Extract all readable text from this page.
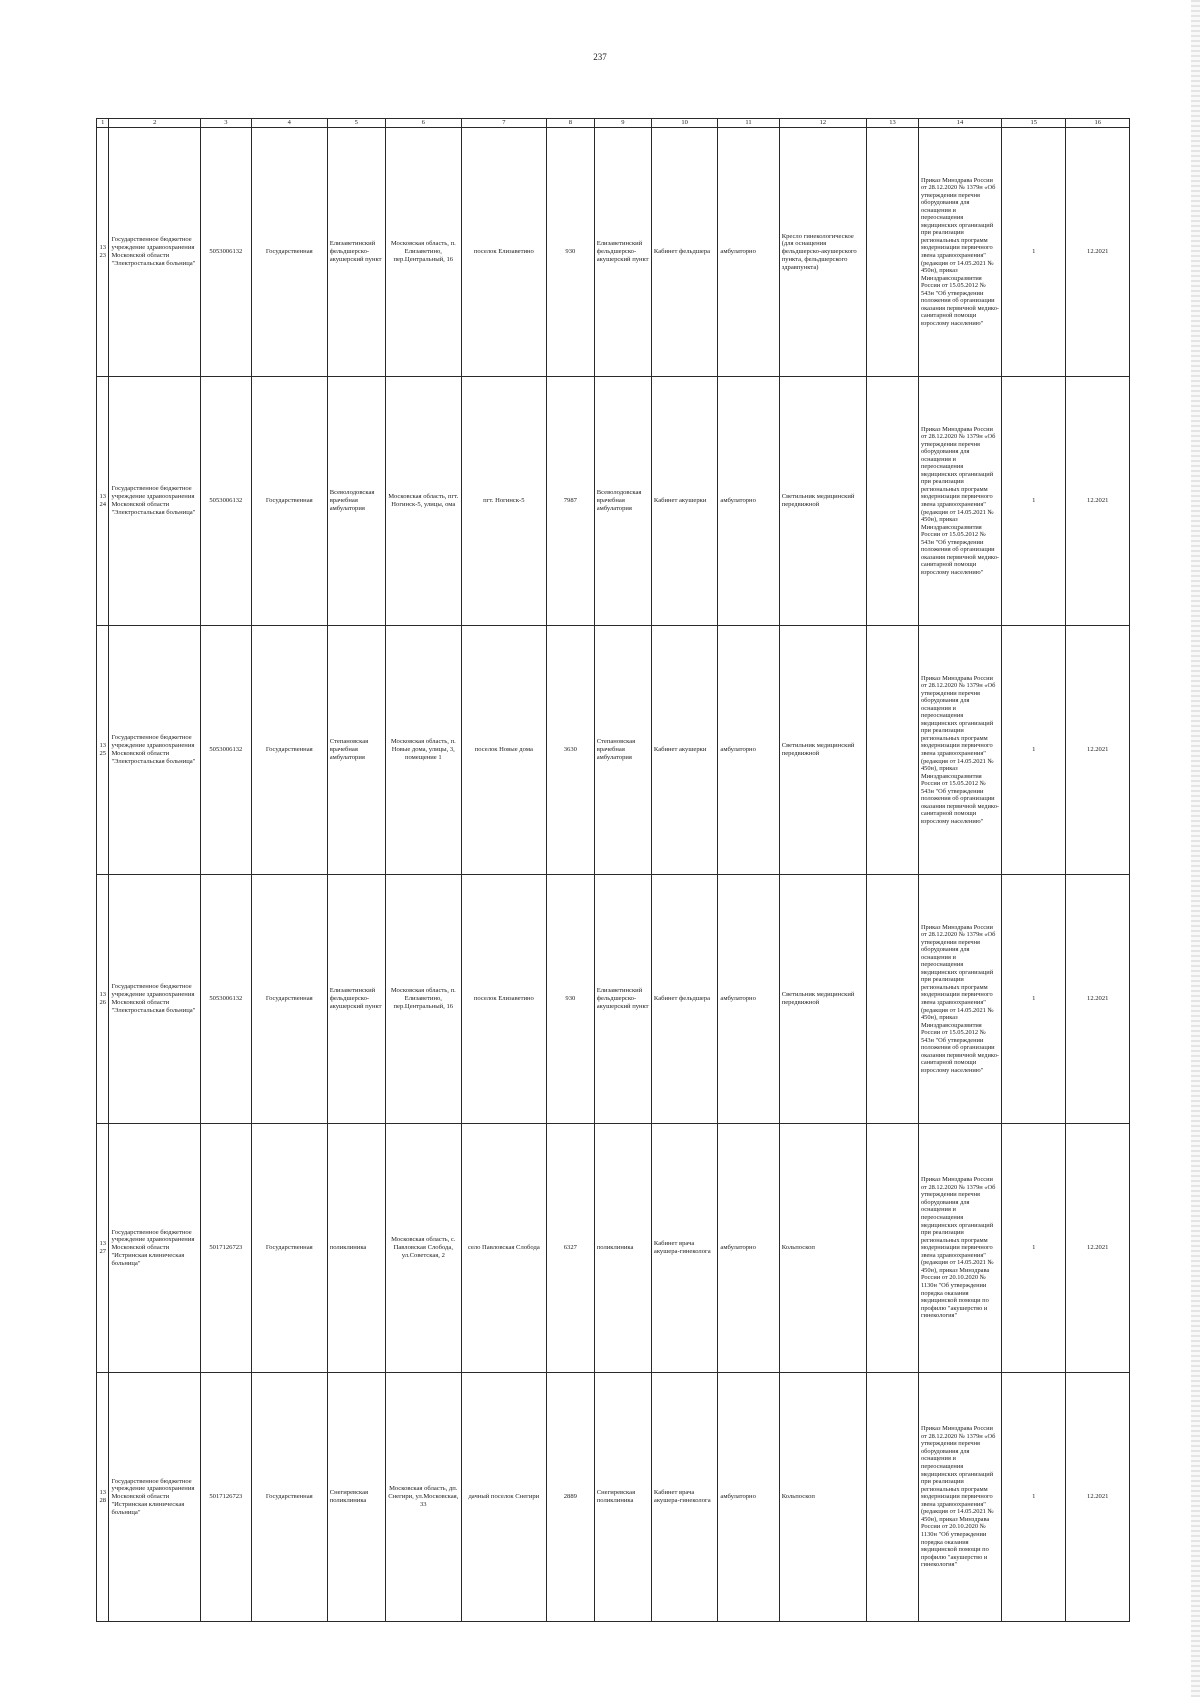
237
1	2	3	4	5	6	7	8	9	10	11	12	13	14	15	16
1323	Государственное бюджетное учреждение здравоохранения Московской области "Электростальская больница"	5053006132	Государственная	Елизаветинский фельдшерско-акушерский пункт	Московская область, п. Елизаветино, пер.Центральный, 16	поселок Елизаветино	930	Елизаветинский фельдшерско-акушерский пункт	Кабинет фельдшера	амбулаторно	Кресло гинекологическое (для оснащения фельдшерско-акушерского пункта, фельдшерского здравпункта)		Приказ Минздрава России от 28.12.2020 № 1379н «Об утверждении перечня оборудования для оснащения и переоснащения медицинских организаций при реализации региональных программ модернизации первичного звена здравоохранения"(редакция от 14.05.2021 № 450н), приказ Минздравсоцразвития России от 15.05.2012 № 543н "Об утверждении положения об организации оказания первичной медико-санитарной помощи взрослому населению"	1	12.2021
1324	Государственное бюджетное учреждение здравоохранения Московской области "Электростальская больница"	5053006132	Государственная	Всеволодовская врачебная амбулатория	Московская область, пгт. Ногинск-5, улицы, ома	пгт. Ногинск-5	7987	Всеволодовская врачебная амбулатория	Кабинет акушерки	амбулаторно	Светильник медицинский передвижной		Приказ Минздрава России от 28.12.2020 № 1379н «Об утверждении перечня оборудования для оснащения и переоснащения медицинских организаций при реализации региональных программ модернизации первичного звена здравоохранения"(редакция от 14.05.2021 № 450н), приказ Минздравсоцразвития России от 15.05.2012 № 543н "Об утверждении положения об организации оказания первичной медико-санитарной помощи взрослому населению"	1	12.2021
1325	Государственное бюджетное учреждение здравоохранения Московской области "Электростальская больница"	5053006132	Государственная	Степановская врачебная амбулатория	Московская область, п. Новые дома, улицы, 3, помещение 1	поселок Новые дома	3630	Степановская врачебная амбулатория	Кабинет акушерки	амбулаторно	Светильник медицинский передвижной		Приказ Минздрава России от 28.12.2020 № 1379н «Об утверждении перечня оборудования для оснащения и переоснащения медицинских организаций при реализации региональных программ модернизации первичного звена здравоохранения"(редакция от 14.05.2021 № 450н), приказ Минздравсоцразвития России от 15.05.2012 № 543н "Об утверждении положения об организации оказания первичной медико-санитарной помощи взрослому населению"	1	12.2021
1326	Государственное бюджетное учреждение здравоохранения Московской области "Электростальская больница"	5053006132	Государственная	Елизаветинский фельдшерско-акушерский пункт	Московская область, п. Елизаветино, пер.Центральный, 16	поселок Елизаветино	930	Елизаветинский фельдшерско-акушерский пункт	Кабинет фельдшера	амбулаторно	Светильник медицинский передвижной		Приказ Минздрава России от 28.12.2020 № 1379н «Об утверждении перечня оборудования для оснащения и переоснащения медицинских организаций при реализации региональных программ модернизации первичного звена здравоохранения"(редакция от 14.05.2021 № 450н), приказ Минздравсоцразвития России от 15.05.2012 № 543н "Об утверждении положения об организации оказания первичной медико-санитарной помощи взрослому населению"	1	12.2021
1327	Государственное бюджетное учреждение здравоохранения Московской области "Истринская клиническая больница"	5017126723	Государственная	поликлиника	Московская область, с. Павловская Слобода, ул.Советская, 2	село Павловская Слобода	6327	поликлиника	Кабинет врача акушера-гинеколога	амбулаторно	Кольпоскоп		Приказ Минздрава России от 28.12.2020 № 1379н «Об утверждении перечня оборудования для оснащения и переоснащения медицинских организаций при реализации региональных программ модернизации первичного звена здравоохранения"(редакция от 14.05.2021 № 450н), приказ Минздрава России от 20.10.2020 № 1130н "Об утверждении порядка оказания медицинской помощи по профилю "акушерство и гинекология"	1	12.2021
1328	Государственное бюджетное учреждение здравоохранения Московской области "Истринская клиническая больница"	5017126723	Государственная	Снегиревская поликлиника	Московская область, дп. Снегири, ул.Московская, 33	дачный поселок Снегири	2889	Снегиревская поликлиника	Кабинет врача акушера-гинеколога	амбулаторно	Кольпоскоп		Приказ Минздрава России от 28.12.2020 № 1379н «Об утверждении перечня оборудования для оснащения и переоснащения медицинских организаций при реализации региональных программ модернизации первичного звена здравоохранения"(редакция от 14.05.2021 № 450н), приказ Минздрава России от 20.10.2020 № 1130н "Об утверждении порядка оказания медицинской помощи по профилю "акушерство и гинекология"	1	12.2021
